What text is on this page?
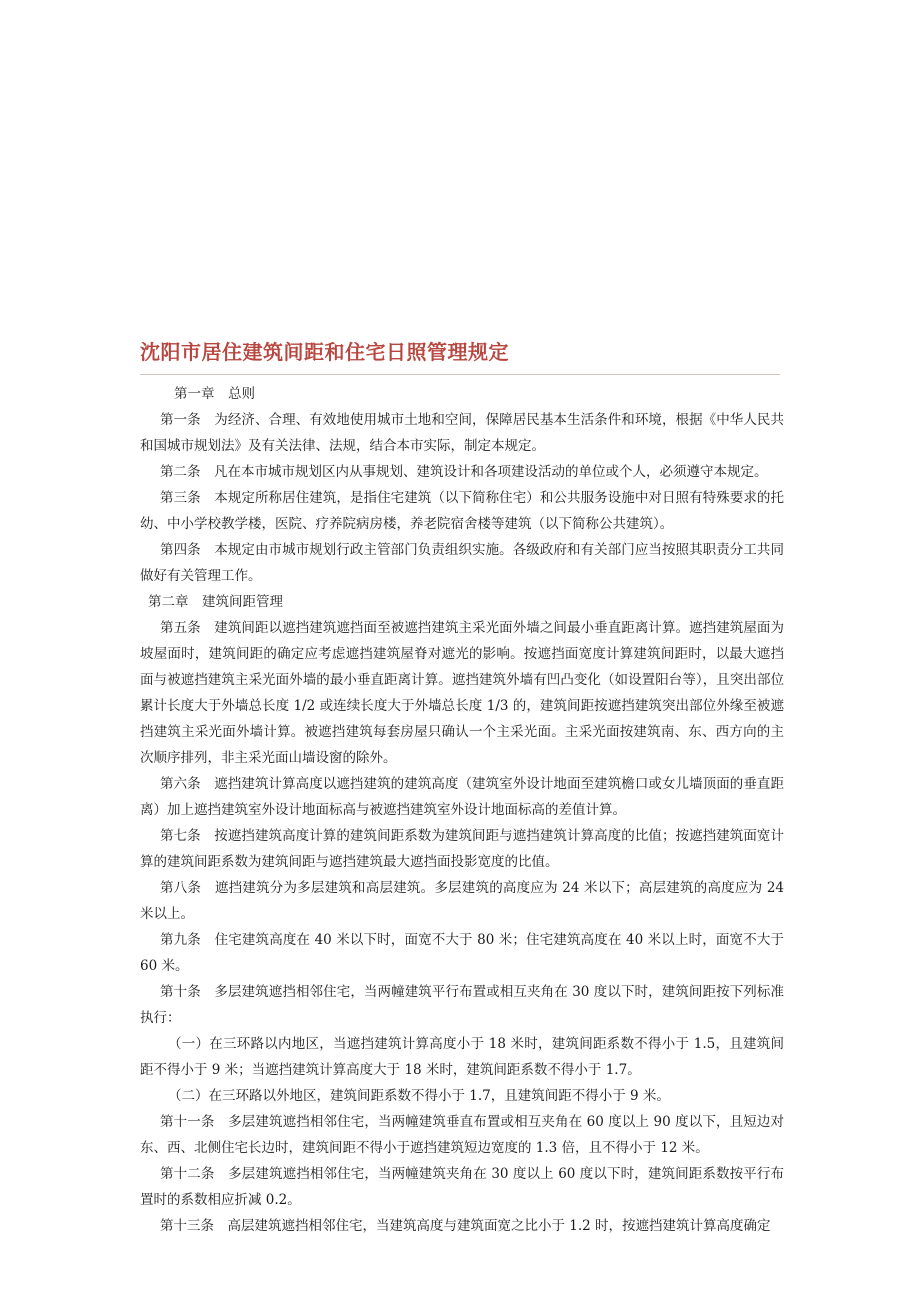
沈阳市居住建筑间距和住宅日照管理规定

第一章　总则

第一条　为经济、合理、有效地使用城市土地和空间，保障居民基本生活条件和环境，根据《中华人民共和国城市规划法》及有关法律、法规，结合本市实际，制定本规定。

第二条　凡在本市城市规划区内从事规划、建筑设计和各项建设活动的单位或个人，必须遵守本规定。

第三条　本规定所称居住建筑，是指住宅建筑（以下简称住宅）和公共服务设施中对日照有特殊要求的托幼、中小学校教学楼，医院、疗养院病房楼，养老院宿舍楼等建筑（以下简称公共建筑）。

第四条　本规定由市城市规划行政主管部门负责组织实施。各级政府和有关部门应当按照其职责分工共同做好有关管理工作。

第二章　建筑间距管理

第五条　建筑间距以遮挡建筑遮挡面至被遮挡建筑主采光面外墙之间最小垂直距离计算。遮挡建筑屋面为坡屋面时，建筑间距的确定应考虑遮挡建筑屋脊对遮光的影响。按遮挡面宽度计算建筑间距时，以最大遮挡面与被遮挡建筑主采光面外墙的最小垂直距离计算。遮挡建筑外墙有凹凸变化（如设置阳台等），且突出部位累计长度大于外墙总长度 1/2 或连续长度大于外墙总长度 1/3 的，建筑间距按遮挡建筑突出部位外缘至被遮挡建筑主采光面外墙计算。被遮挡建筑每套房屋只确认一个主采光面。主采光面按建筑南、东、西方向的主次顺序排列，非主采光面山墙设窗的除外。

第六条　遮挡建筑计算高度以遮挡建筑的建筑高度（建筑室外设计地面至建筑檐口或女儿墙顶面的垂直距离）加上遮挡建筑室外设计地面标高与被遮挡建筑室外设计地面标高的差值计算。

第七条　按遮挡建筑高度计算的建筑间距系数为建筑间距与遮挡建筑计算高度的比值；按遮挡建筑面宽计算的建筑间距系数为建筑间距与遮挡建筑最大遮挡面投影宽度的比值。

第八条　遮挡建筑分为多层建筑和高层建筑。多层建筑的高度应为 24 米以下；高层建筑的高度应为 24 米以上。

第九条　住宅建筑高度在 40 米以下时，面宽不大于 80 米；住宅建筑高度在 40 米以上时，面宽不大于 60 米。

第十条　多层建筑遮挡相邻住宅，当两幢建筑平行布置或相互夹角在 30 度以下时，建筑间距按下列标准执行：

（一）在三环路以内地区，当遮挡建筑计算高度小于 18 米时，建筑间距系数不得小于 1.5，且建筑间距不得小于 9 米；当遮挡建筑计算高度大于 18 米时，建筑间距系数不得小于 1.7。

（二）在三环路以外地区，建筑间距系数不得小于 1.7，且建筑间距不得小于 9 米。

第十一条　多层建筑遮挡相邻住宅，当两幢建筑垂直布置或相互夹角在 60 度以上 90 度以下，且短边对东、西、北侧住宅长边时，建筑间距不得小于遮挡建筑短边宽度的 1.3 倍，且不得小于 12 米。

第十二条　多层建筑遮挡相邻住宅，当两幢建筑夹角在 30 度以上 60 度以下时，建筑间距系数按平行布置时的系数相应折减 0.2。

第十三条　高层建筑遮挡相邻住宅，当建筑高度与建筑面宽之比小于 1.2 时，按遮挡建筑计算高度确定
